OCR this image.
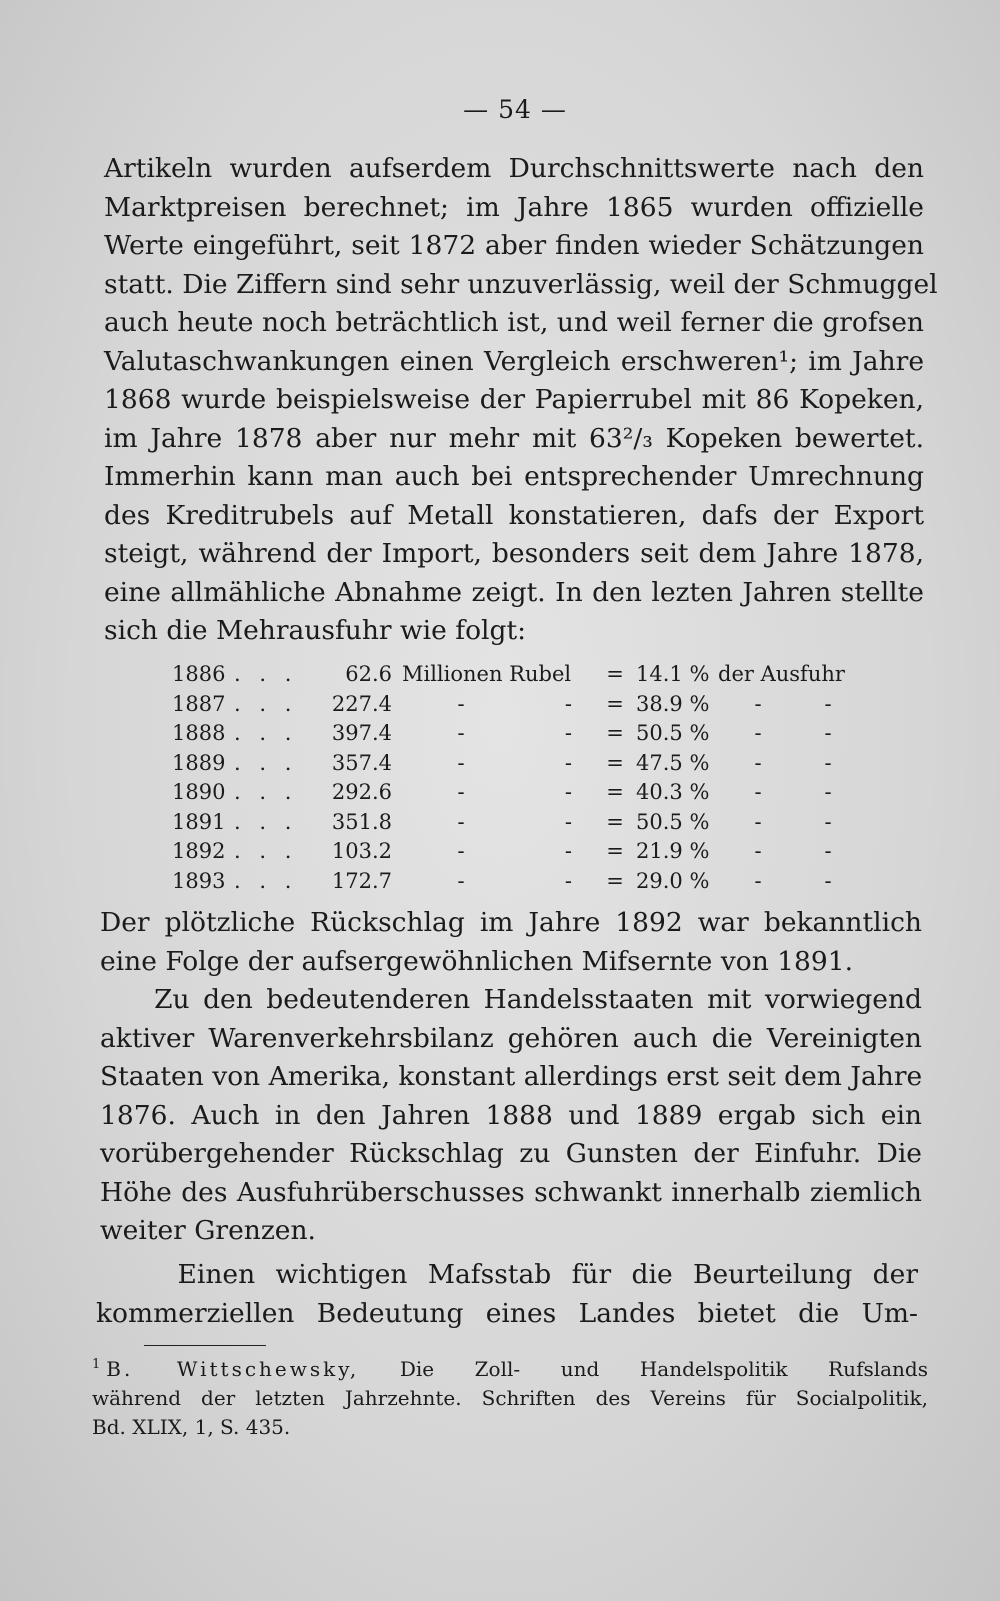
— 54 —
Artikeln wurden aufserdem Durchschnittswerte nach den
Marktpreisen berechnet; im Jahre 1865 wurden offizielle
Werte eingeführt, seit 1872 aber finden wieder Schätzungen
statt. Die Ziffern sind sehr unzuverlässig, weil der Schmuggel
auch heute noch beträchtlich ist, und weil ferner die grofsen
Valutaschwankungen einen Vergleich erschweren¹; im Jahre
1868 wurde beispielsweise der Papierrubel mit 86 Kopeken,
im Jahre 1878 aber nur mehr mit 63²/₃ Kopeken bewertet.
Immerhin kann man auch bei entsprechender Umrechnung
des Kreditrubels auf Metall konstatieren, dafs der Export
steigt, während der Import, besonders seit dem Jahre 1878,
eine allmähliche Abnahme zeigt. In den lezten Jahren stellte
sich die Mehrausfuhr wie folgt:
1886 . . .	62.6 Millionen Rubel	= 14.1 % der Ausfuhr
1887 . . .	227.4	-	-	= 38.9 %	-	-
1888 . . .	397.4	-	-	= 50.5 %	-	-
1889 . . .	357.4	-	-	= 47.5 %	-	-
1890 . . .	292.6	-	-	= 40.3 %	-	-
1891 . . .	351.8	-	-	= 50.5 %	-	-
1892 . . .	103.2	-	-	= 21.9 %	-	-
1893 . . .	172.7	-	-	= 29.0 %	-	-
Der plötzliche Rückschlag im Jahre 1892 war bekanntlich
eine Folge der aufsergewöhnlichen Mifsernte von 1891.
Zu den bedeutenderen Handelsstaaten mit vorwiegend
aktiver Warenverkehrsbilanz gehören auch die Vereinigten
Staaten von Amerika, konstant allerdings erst seit dem Jahre
1876. Auch in den Jahren 1888 und 1889 ergab sich ein
vorübergehender Rückschlag zu Gunsten der Einfuhr. Die
Höhe des Ausfuhrüberschusses schwankt innerhalb ziemlich
weiter Grenzen.
Einen wichtigen Mafsstab für die Beurteilung der
kommerziellen Bedeutung eines Landes bietet die Um-
$^1$ B. Wittschewsky, Die Zoll- und Handelspolitik Rufslands
während der letzten Jahrzehnte. Schriften des Vereins für Socialpolitik,
Bd. XLIX, 1, S. 435.
